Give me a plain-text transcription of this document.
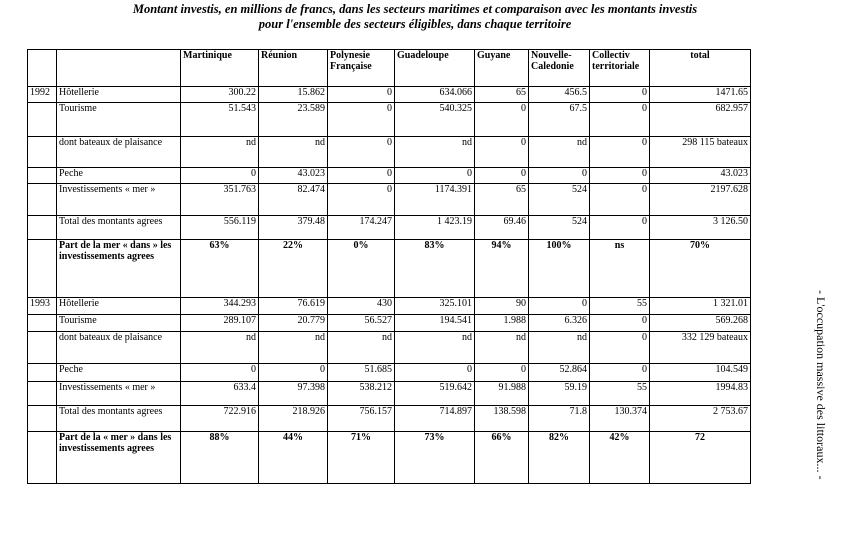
Montant investis, en millions de francs, dans les secteurs maritimes et comparaison avec les montants investis
pour l'ensemble des secteurs éligibles, dans chaque territoire
		Martinique	Réunion	Polynesie Française	Guadeloupe	Guyane	Nouvelle-Caledonie	Collectiv territoriale	total
1992	Hôtellerie	300.22	15.862	0	634.066	65	456.5	0	1471.65
	Tourisme	51.543	23.589	0	540.325	0	67.5	0	682.957
	dont bateaux de plaisance	nd	nd	0	nd	0	nd	0	298 115 bateaux
	Peche	0	43.023	0	0	0	0	0	43.023
	Investissements « mer »	351.763	82.474	0	1174.391	65	524	0	2197.628
	Total des montants agrees	556.119	379.48	174.247	1 423.19	69.46	524	0	3 126.50
	Part de la mer « dans » les investissements agrees	63%	22%	0%	83%	94%	100%	ns	70%
1993	Hôtellerie	344.293	76.619	430	325.101	90	0	55	1 321.01
	Tourisme	289.107	20.779	56.527	194.541	1.988	6.326	0	569.268
	dont bateaux de plaisance	nd	nd	nd	nd	nd	nd	0	332 129 bateaux
	Peche	0	0	51.685	0	0	52.864	0	104.549
	Investissements « mer »	633.4	97.398	538.212	519.642	91.988	59.19	55	1994.83
	Total des montants agrees	722.916	218.926	756.157	714.897	138.598	71.8	130.374	2 753.67
	Part de la « mer » dans les investissements agrees	88%	44%	71%	73%	66%	82%	42%	72	- L'occupation massive des littoraux... -
